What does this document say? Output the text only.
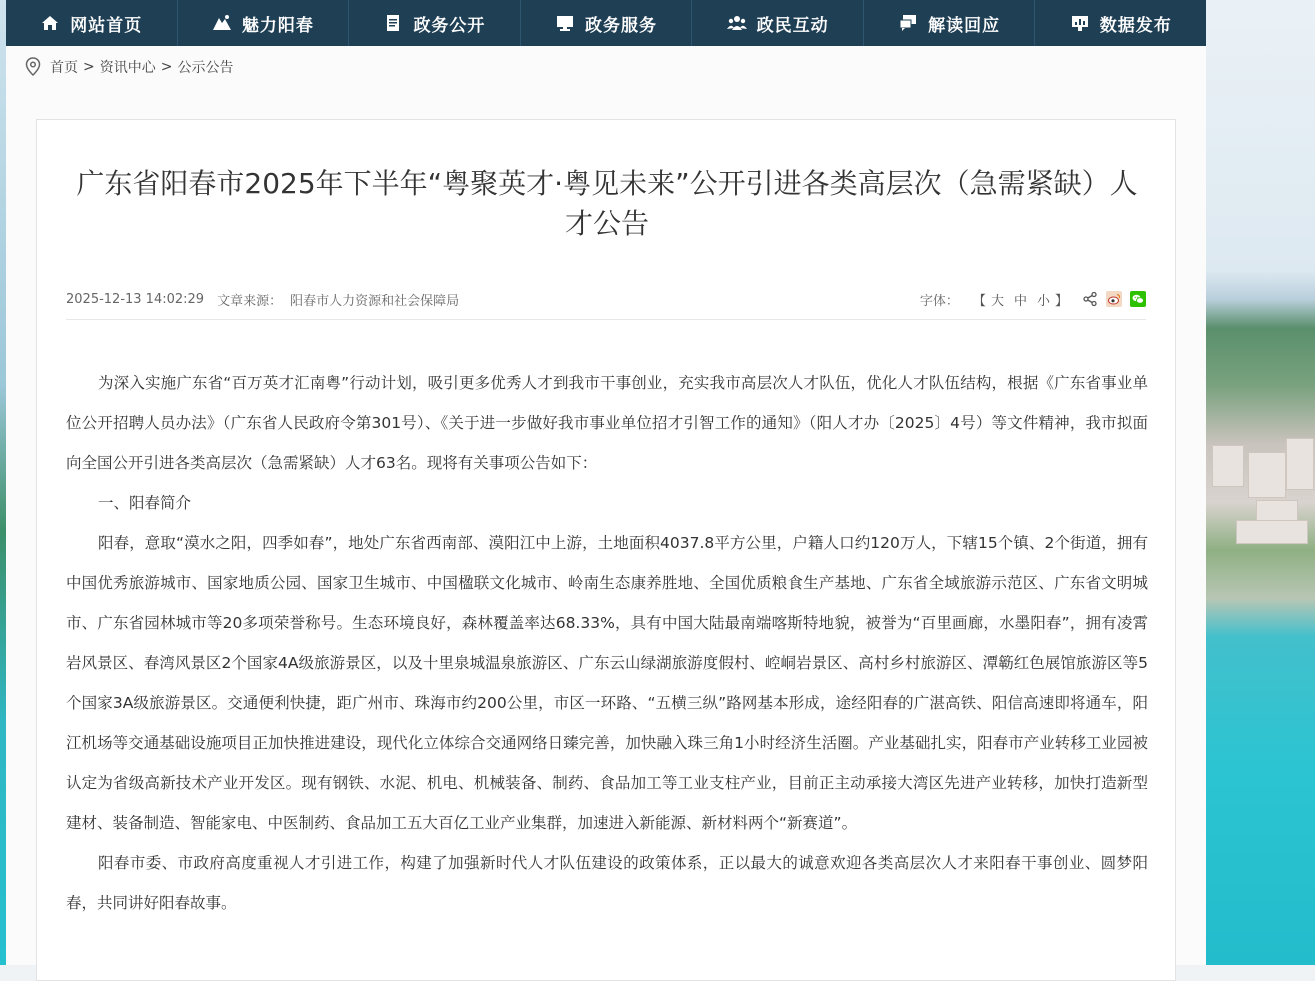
网站首页	魅力阳春	政务公开	政务服务	政民互动	解读回应	数据发布
首页 > 资讯中心 > 公示公告
广东省阳春市2025年下半年“粤聚英才·粤见未来”公开引进各类高层次（急需紧缺）人才公告
2025-12-13 14:02:29 文章来源： 阳春市人力资源和社会保障局	字体： 【 大 中 小 】

为深入实施广东省“百万英才汇南粤”行动计划，吸引更多优秀人才到我市干事创业，充实我市高层次人才队伍，优化人才队伍结构，根据《广东省事业单位公开招聘人员办法》（广东省人民政府令第301号）、《关于进一步做好我市事业单位招才引智工作的通知》（阳人才办〔2025〕4号）等文件精神，我市拟面向全国公开引进各类高层次（急需紧缺）人才63名。现将有关事项公告如下：

一、阳春简介

阳春，意取“漠水之阳，四季如春”，地处广东省西南部、漠阳江中上游，土地面积4037.8平方公里，户籍人口约120万人，下辖15个镇、2个街道，拥有中国优秀旅游城市、国家地质公园、国家卫生城市、中国楹联文化城市、岭南生态康养胜地、全国优质粮食生产基地、广东省全域旅游示范区、广东省文明城市、广东省园林城市等20多项荣誉称号。生态环境良好，森林覆盖率达68.33%，具有中国大陆最南端喀斯特地貌，被誉为“百里画廊，水墨阳春”，拥有凌霄岩风景区、春湾风景区2个国家4A级旅游景区，以及十里泉城温泉旅游区、广东云山绿湖旅游度假村、崆峒岩景区、高村乡村旅游区、潭簕红色展馆旅游区等5个国家3A级旅游景区。交通便利快捷，距广州市、珠海市约200公里，市区一环路、“五横三纵”路网基本形成，途经阳春的广湛高铁、阳信高速即将通车，阳江机场等交通基础设施项目正加快推进建设，现代化立体综合交通网络日臻完善，加快融入珠三角1小时经济生活圈。产业基础扎实，阳春市产业转移工业园被认定为省级高新技术产业开发区。现有钢铁、水泥、机电、机械装备、制药、食品加工等工业支柱产业，目前正主动承接大湾区先进产业转移，加快打造新型建材、装备制造、智能家电、中医制药、食品加工五大百亿工业产业集群，加速进入新能源、新材料两个“新赛道”。

阳春市委、市政府高度重视人才引进工作，构建了加强新时代人才队伍建设的政策体系，正以最大的诚意欢迎各类高层次人才来阳春干事创业、圆梦阳春，共同讲好阳春故事。
